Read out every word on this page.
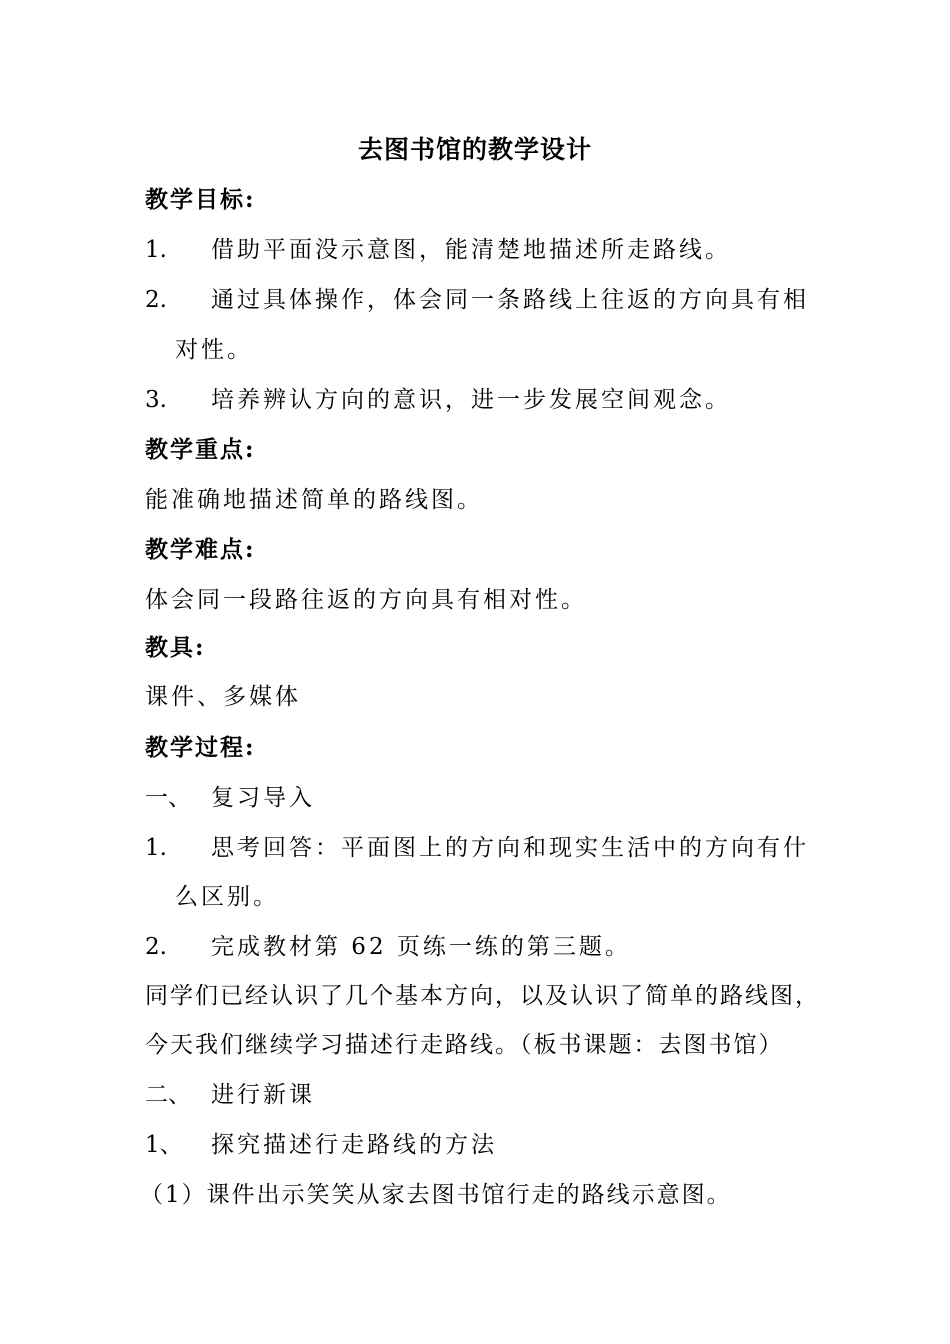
去图书馆的教学设计
教学目标:
1. 借助平面没示意图，能清楚地描述所走路线。
2. 通过具体操作，体会同一条路线上往返的方向具有相
对性。
3. 培养辨认方向的意识，进一步发展空间观念。
教学重点:
能准确地描述简单的路线图。
教学难点:
体会同一段路往返的方向具有相对性。
教具:
课件、多媒体
教学过程:
一、 复习导入
1. 思考回答：平面图上的方向和现实生活中的方向有什
么区别。
2. 完成教材第 62 页练一练的第三题。
同学们已经认识了几个基本方向，以及认识了简单的路线图，
今天我们继续学习描述行走路线。（板书课题：去图书馆）
二、 进行新课
1、 探究描述行走路线的方法
（1）课件出示笑笑从家去图书馆行走的路线示意图。
